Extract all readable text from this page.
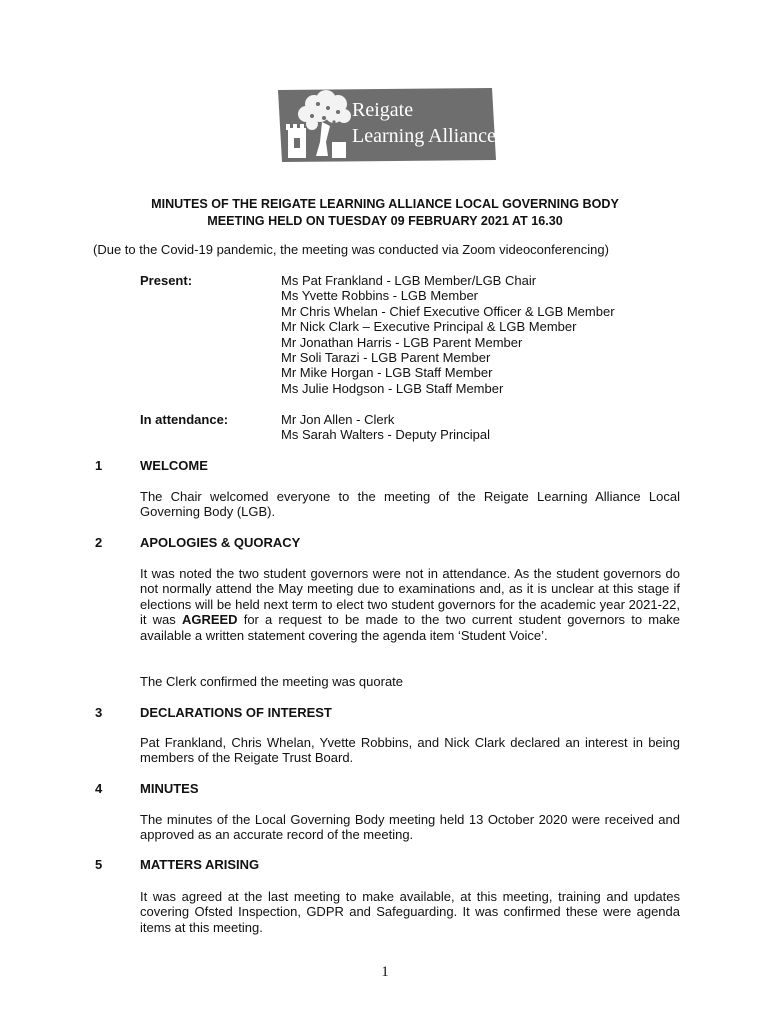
Reigate
Learning Alliance
MINUTES OF THE REIGATE LEARNING ALLIANCE LOCAL GOVERNING BODY
MEETING HELD ON TUESDAY 09 FEBRUARY 2021 AT 16.30
(Due to the Covid-19 pandemic, the meeting was conducted via Zoom videoconferencing)
Present:	Ms Pat Frankland - LGB Member/LGB Chair
Ms Yvette Robbins - LGB Member
Mr Chris Whelan - Chief Executive Officer & LGB Member
Mr Nick Clark – Executive Principal & LGB Member
Mr Jonathan Harris - LGB Parent Member
Mr Soli Tarazi - LGB Parent Member
Mr Mike Horgan - LGB Staff Member
Ms Julie Hodgson - LGB Staff Member
In attendance:	Mr Jon Allen - Clerk
Ms Sarah Walters - Deputy Principal
1	WELCOME
The Chair welcomed everyone to the meeting of the Reigate Learning Alliance Local Governing Body (LGB).
2	APOLOGIES & QUORACY
It was noted the two student governors were not in attendance. As the student governors do not normally attend the May meeting due to examinations and, as it is unclear at this stage if elections will be held next term to elect two student governors for the academic year 2021-22, it was AGREED for a request to be made to the two current student governors to make available a written statement covering the agenda item ‘Student Voice’.
The Clerk confirmed the meeting was quorate
3	DECLARATIONS OF INTEREST
Pat Frankland, Chris Whelan, Yvette Robbins, and Nick Clark declared an interest in being members of the Reigate Trust Board.
4	MINUTES
The minutes of the Local Governing Body meeting held 13 October 2020 were received and approved as an accurate record of the meeting.
5	MATTERS ARISING
It was agreed at the last meeting to make available, at this meeting, training and updates covering Ofsted Inspection, GDPR and Safeguarding. It was confirmed these were agenda items at this meeting.
1
